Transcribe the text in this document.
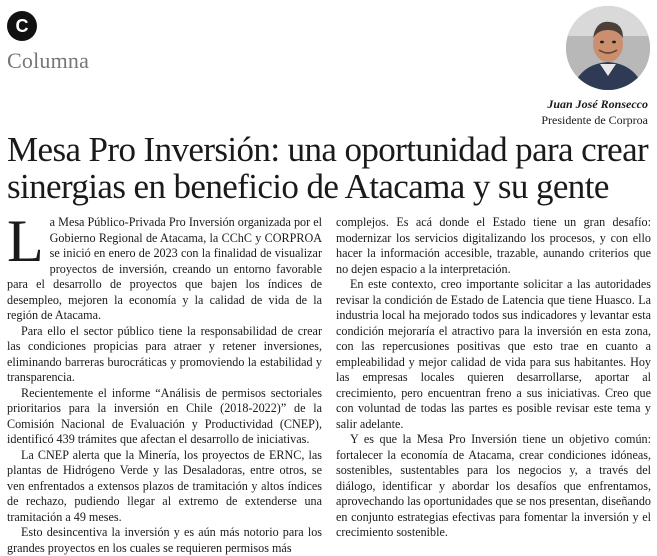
C
Columna
Juan José Ronsecco
Presidente de Corproa
Mesa Pro Inversión: una oportunidad para crear sinergias en beneficio de Atacama y su gente

La Mesa Público-Privada Pro Inversión organizada por el Gobierno Regional de Atacama, la CChC y CORPROA se inició en enero de 2023 con la finalidad de visualizar proyectos de inversión, creando un entorno favorable para el desarrollo de proyectos que bajen los índices de desempleo, mejoren la economía y la calidad de vida de la región de Atacama.

Para ello el sector público tiene la responsabilidad de crear las condiciones propicias para atraer y retener inversiones, eliminando barreras burocráticas y promoviendo la estabilidad y transparencia.

Recientemente el informe “Análisis de permisos sectoriales prioritarios para la inversión en Chile (2018-2022)” de la Comisión Nacional de Evaluación y Productividad (CNEP), identificó 439 trámites que afectan el desarrollo de iniciativas.

La CNEP alerta que la Minería, los proyectos de ERNC, las plantas de Hidrógeno Verde y las Desaladoras, entre otros, se ven enfrentados a extensos plazos de tramitación y altos índices de rechazo, pudiendo llegar al extremo de extenderse una tramitación a 49 meses.

Esto desincentiva la inversión y es aún más notorio para los grandes proyectos en los cuales se requieren permisos más

complejos. Es acá donde el Estado tiene un gran desafío: modernizar los servicios digitalizando los procesos, y con ello hacer la información accesible, trazable, aunando criterios que no dejen espacio a la interpretación.

En este contexto, creo importante solicitar a las autoridades revisar la condición de Estado de Latencia que tiene Huasco. La industria local ha mejorado todos sus indicadores y levantar esta condición mejoraría el atractivo para la inversión en esta zona, con las repercusiones positivas que esto trae en cuanto a empleabilidad y mejor calidad de vida para sus habitantes. Hoy las empresas locales quieren desarrollarse, aportar al crecimiento, pero encuentran freno a sus iniciativas. Creo que con voluntad de todas las partes es posible revisar este tema y salir adelante.

Y es que la Mesa Pro Inversión tiene un objetivo común: fortalecer la economía de Atacama, crear condiciones idóneas, sostenibles, sustentables para los negocios y, a través del diálogo, identificar y abordar los desafíos que enfrentamos, aprovechando las oportunidades que se nos presentan, diseñando en conjunto estrategias efectivas para fomentar la inversión y el crecimiento sostenible.
